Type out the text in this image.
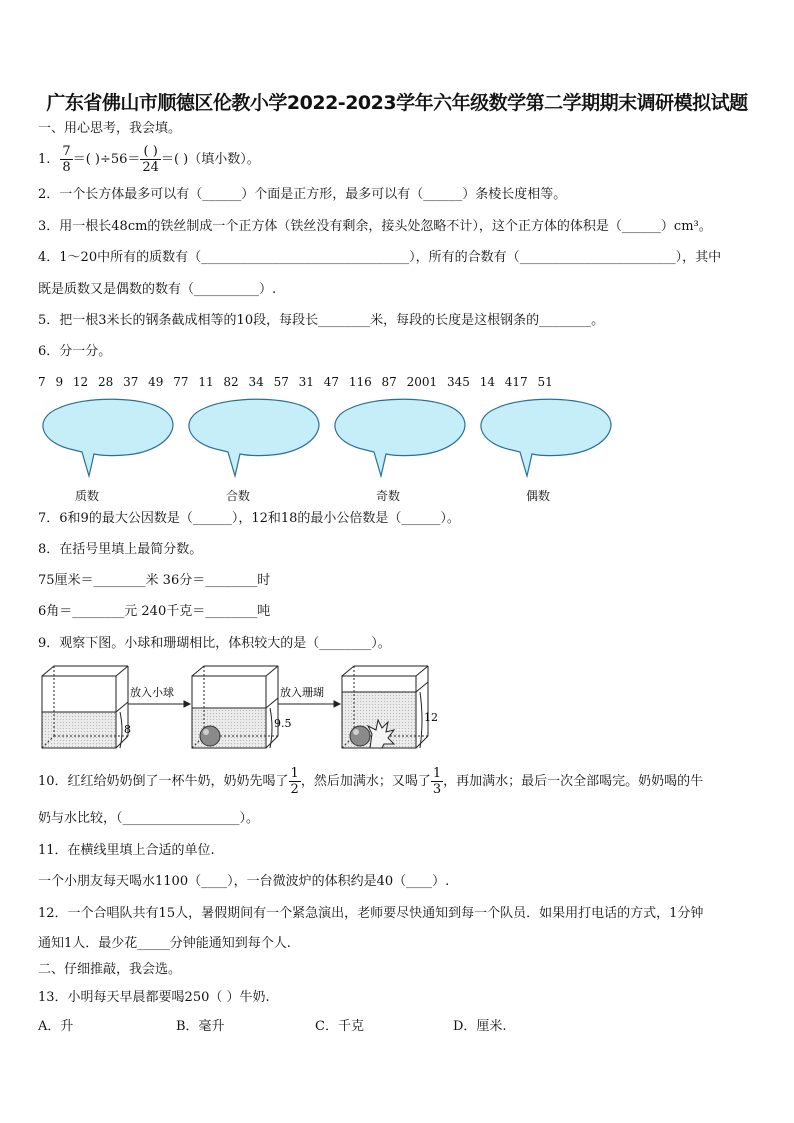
广东省佛山市顺德区伦教小学2022-2023学年六年级数学第二学期期末调研模拟试题
一、用心思考，我会填。
1. $\frac{7}{8}$ ＝( )$\div 56= \frac{( )}{24}$ ＝( )（填小数）。
2．一个长方体最多可以有（______）个面是正方形，最多可以有（______）条棱长度相等。
3．用一根长48cm的铁丝制成一个正方体（铁丝没有剩余，接头处忽略不计），这个正方体的体积是（______）cm³。
4．1～20中所有的质数有（________________________________），所有的合数有（________________________），其中
既是质数又是偶数的数有（__________）.
5．把一根3米长的钢条截成相等的10段，每段长________米，每段的长度是这根钢条的________。
6．分一分。
7 9 12 28 37 49 77 11 82 34 57 31 47 116 87 2001 345 14 417 51
质数	合数	奇数	偶数
7．6和9的最大公因数是（______），12和18的最小公倍数是（______）。
8．在括号里填上最简分数。
75厘米＝________米 36分＝________时
6角＝________元 240千克＝________吨
9．观察下图。小球和珊瑚相比，体积较大的是（________）。
8
放入小球
9.5
放入珊瑚
12
10．红红给奶奶倒了一杯牛奶，奶奶先喝了 $\frac{1}{2}$ ，然后加满水；又喝了 $\frac{1}{3}$ ，再加满水；最后一次全部喝完。奶奶喝的牛
奶与水比较，（__________________）。
11．在横线里填上合适的单位.
一个小朋友每天喝水1100（____），一台微波炉的体积约是40（____）.
12．一个合唱队共有15人，暑假期间有一个紧急演出，老师要尽快通知到每一个队员．如果用打电话的方式，1分钟
通知1人．最少花_____分钟能通知到每个人.
二、仔细推敲，我会选。
13．小明每天早晨都要喝250（ ）牛奶.
A．升	B．毫升	C．千克	D．厘米.
